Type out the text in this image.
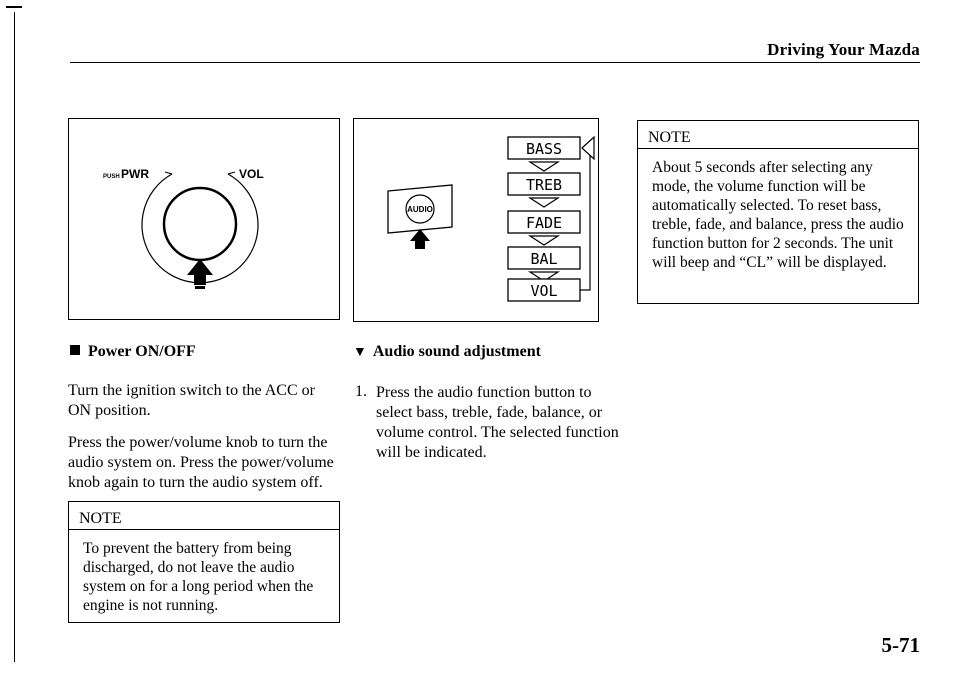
Driving Your Mazda
PUSH PWR	VOL
AUDIO
BASS
TREB
FADE
BAL
VOL
NOTE
About 5 seconds after selecting any mode, the volume function will be automatically selected. To reset bass, treble, fade, and balance, press the audio function button for 2 seconds. The unit will beep and “CL” will be displayed.
Power ON/OFF
Turn the ignition switch to the ACC or ON position.
Press the power/volume knob to turn the audio system on. Press the power/volume knob again to turn the audio system off.
NOTE
To prevent the battery from being discharged, do not leave the audio system on for a long period when the engine is not running.
▼ Audio sound adjustment
1. Press the audio function button to select bass, treble, fade, balance, or volume control. The selected function will be indicated.
5-71
